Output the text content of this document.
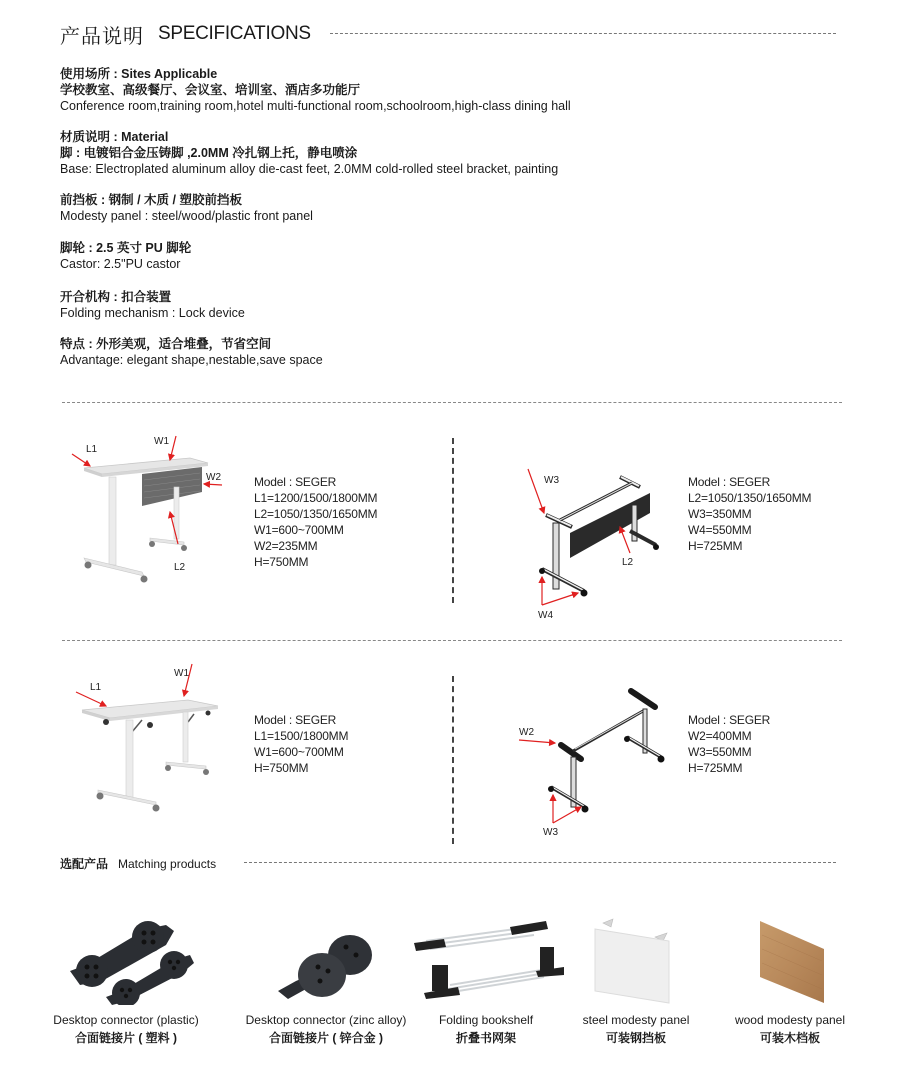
产品说明 SPECIFICATIONS
使用场所 : Sites Applicable
学校教室、高级餐厅、会议室、培训室、酒店多功能厅
Conference room,training room,hotel multi-functional room,schoolroom,high-class dining hall
材质说明 : Material
脚 : 电镀铝合金压铸脚 ,2.0MM 冷扎钢上托，静电喷涂
Base: Electroplated aluminum alloy die-cast feet, 2.0MM cold-rolled steel bracket, painting
前挡板 : 钢制 / 木质 / 塑胶前挡板
Modesty panel : steel/wood/plastic front panel
脚轮 : 2.5 英寸 PU 脚轮
Castor: 2.5"PU castor
开合机构 : 扣合装置
Folding mechanism : Lock device
特点 : 外形美观，适合堆叠，节省空间
Advantage: elegant shape,nestable,save space
L1
W1
W2
L2
Model : SEGER
L1=1200/1500/1800MM
L2=1050/1350/1650MM
W1=600~700MM
W2=235MM
H=750MM
W3
L2
W4
Model : SEGER
L2=1050/1350/1650MM
W3=350MM
W4=550MM
H=725MM
L1
W1
Model : SEGER
L1=1500/1800MM
W1=600~700MM
H=750MM
W2
W3
Model : SEGER
W2=400MM
W3=550MM
H=725MM
选配产品 Matching products
Desktop connector (plastic)
合面链接片 ( 塑料 )
Desktop connector (zinc alloy)
合面链接片 ( 锌合金 )
Folding bookshelf
折叠书网架
steel modesty panel
可装钢挡板
wood modesty panel
可装木档板
